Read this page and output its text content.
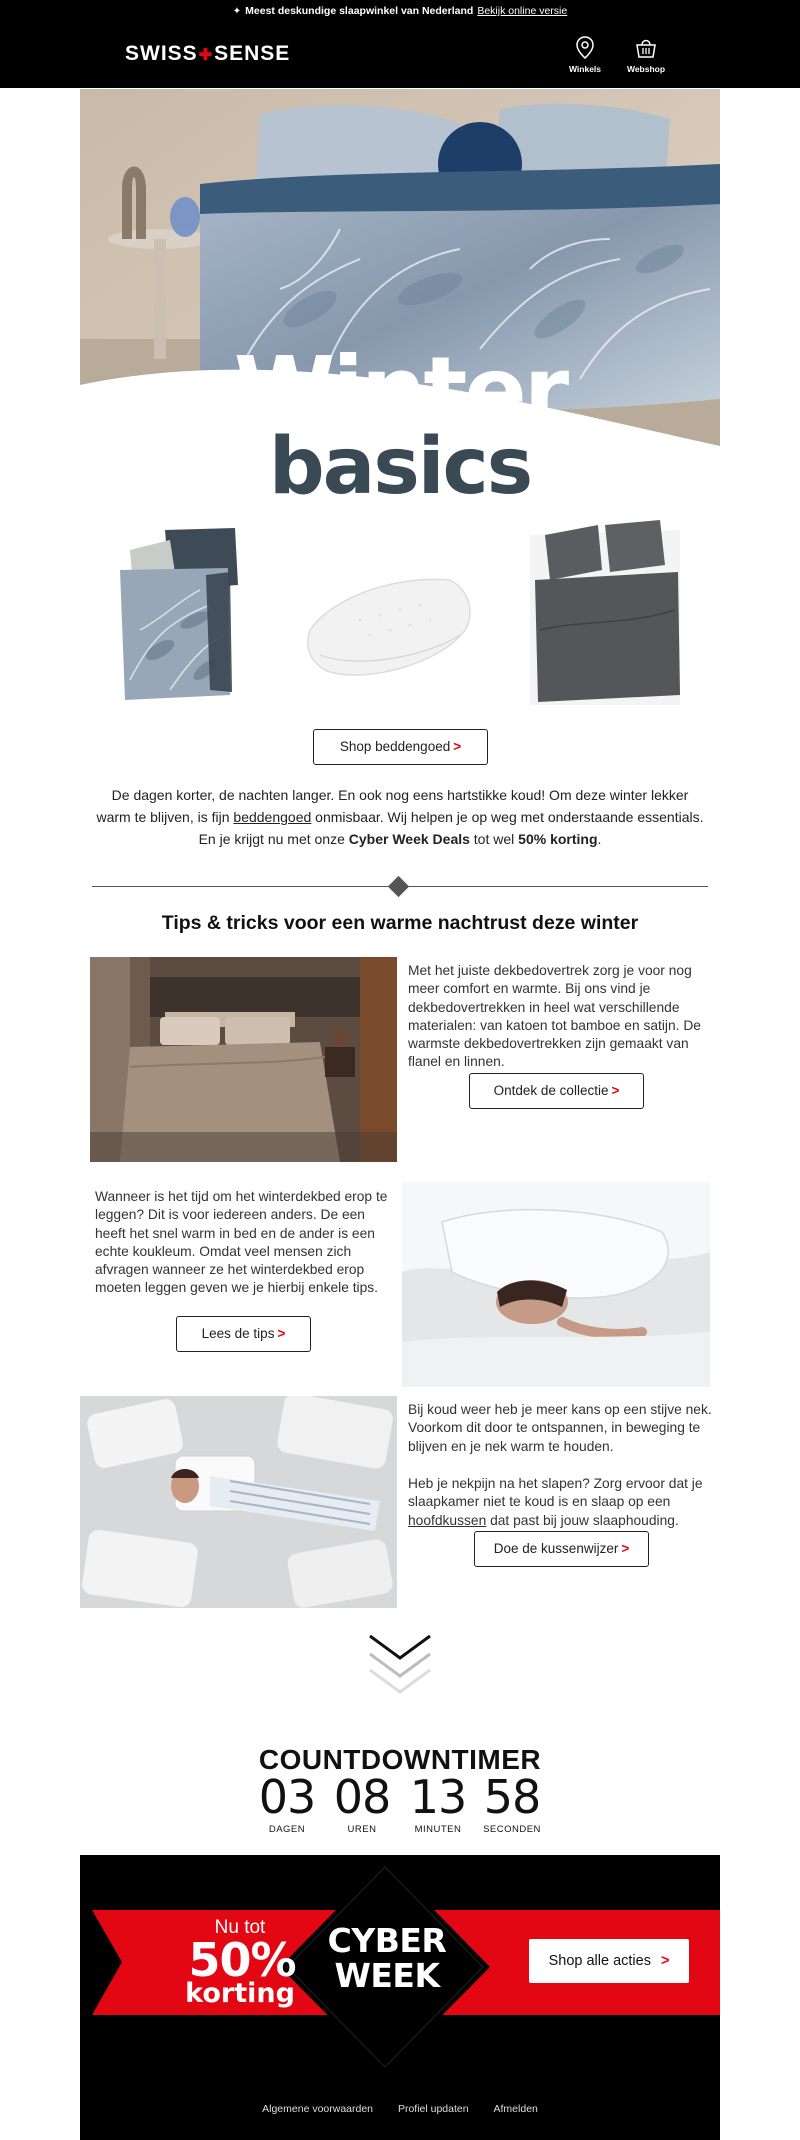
✦ Meest deskundige slaapwinkel van Nederland Bekijk online versie
SWISS✚SENSE
Winkels	Webshop
Winter
basics
Shop beddengoed >
De dagen korter, de nachten langer. En ook nog eens hartstikke koud! Om deze winter lekker warm te blijven, is fijn beddengoed onmisbaar. Wij helpen je op weg met onderstaande essentials. En je krijgt nu met onze Cyber Week Deals tot wel 50% korting.
Tips & tricks voor een warme nachtrust deze winter
Met het juiste dekbedovertrek zorg je voor nog meer comfort en warmte. Bij ons vind je dekbedovertrekken in heel wat verschillende materialen: van katoen tot bamboe en satijn. De warmste dekbedovertrekken zijn gemaakt van flanel en linnen.
Ontdek de collectie >
Wanneer is het tijd om het winterdekbed erop te leggen? Dit is voor iedereen anders. De een heeft het snel warm in bed en de ander is een echte koukleum. Omdat veel mensen zich afvragen wanneer ze het winterdekbed erop moeten leggen geven we je hierbij enkele tips.
Lees de tips >
Bij koud weer heb je meer kans op een stijve nek. Voorkom dit door te ontspannen, in beweging te blijven en je nek warm te houden.
Heb je nekpijn na het slapen? Zorg ervoor dat je slaapkamer niet te koud is en slaap op een hoofdkussen dat past bij jouw slaaphouding.
Doe de kussenwijzer >
COUNTDOWNTIMER
03
DAGEN
08
UREN
13
MINUTEN
58
SECONDEN
Nu tot
50%
korting
CYBER
WEEK	Shop alle acties >
Algemene voorwaarden Profiel updaten Afmelden
